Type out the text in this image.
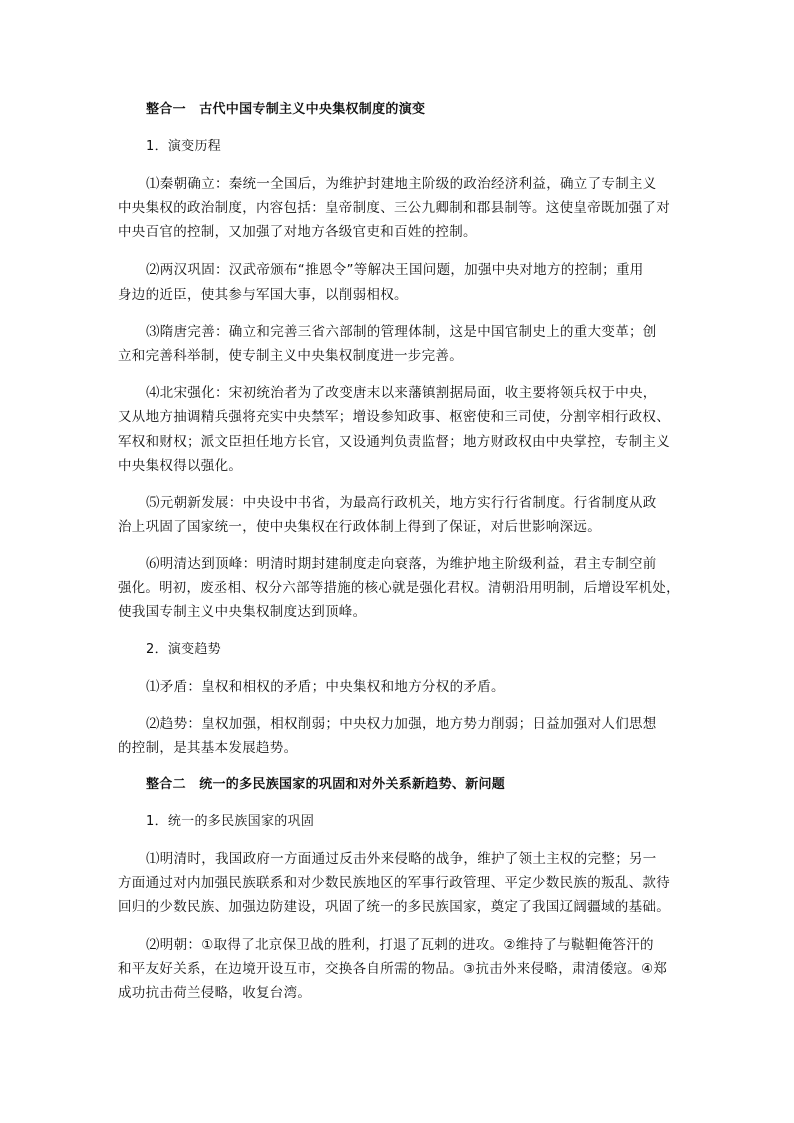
整合一　古代中国专制主义中央集权制度的演变
1．演变历程
⑴秦朝确立：秦统一全国后，为维护封建地主阶级的政治经济利益，确立了专制主义
中央集权的政治制度，内容包括：皇帝制度、三公九卿制和郡县制等。这使皇帝既加强了对
中央百官的控制，又加强了对地方各级官吏和百姓的控制。
⑵两汉巩固：汉武帝颁布“推恩令”等解决王国问题，加强中央对地方的控制；重用
身边的近臣，使其参与军国大事，以削弱相权。
⑶隋唐完善：确立和完善三省六部制的管理体制，这是中国官制史上的重大变革；创
立和完善科举制，使专制主义中央集权制度进一步完善。
⑷北宋强化：宋初统治者为了改变唐末以来藩镇割据局面，收主要将领兵权于中央，
又从地方抽调精兵强将充实中央禁军；增设参知政事、枢密使和三司使，分割宰相行政权、
军权和财权；派文臣担任地方长官，又设通判负责监督；地方财政权由中央掌控，专制主义
中央集权得以强化。
⑸元朝新发展：中央设中书省，为最高行政机关，地方实行行省制度。行省制度从政
治上巩固了国家统一，使中央集权在行政体制上得到了保证，对后世影响深远。
⑹明清达到顶峰：明清时期封建制度走向衰落，为维护地主阶级利益，君主专制空前
强化。明初，废丞相、权分六部等措施的核心就是强化君权。清朝沿用明制，后增设军机处，
使我国专制主义中央集权制度达到顶峰。
2．演变趋势
⑴矛盾：皇权和相权的矛盾；中央集权和地方分权的矛盾。
⑵趋势：皇权加强，相权削弱；中央权力加强，地方势力削弱；日益加强对人们思想
的控制，是其基本发展趋势。
整合二　统一的多民族国家的巩固和对外关系新趋势、新问题
1．统一的多民族国家的巩固
⑴明清时，我国政府一方面通过反击外来侵略的战争，维护了领土主权的完整；另一
方面通过对内加强民族联系和对少数民族地区的军事行政管理、平定少数民族的叛乱、款待
回归的少数民族、加强边防建设，巩固了统一的多民族国家，奠定了我国辽阔疆域的基础。
⑵明朝：①取得了北京保卫战的胜利，打退了瓦剌的进攻。②维持了与鞑靼俺答汗的
和平友好关系，在边境开设互市，交换各自所需的物品。③抗击外来侵略，肃清倭寇。④郑
成功抗击荷兰侵略，收复台湾。
